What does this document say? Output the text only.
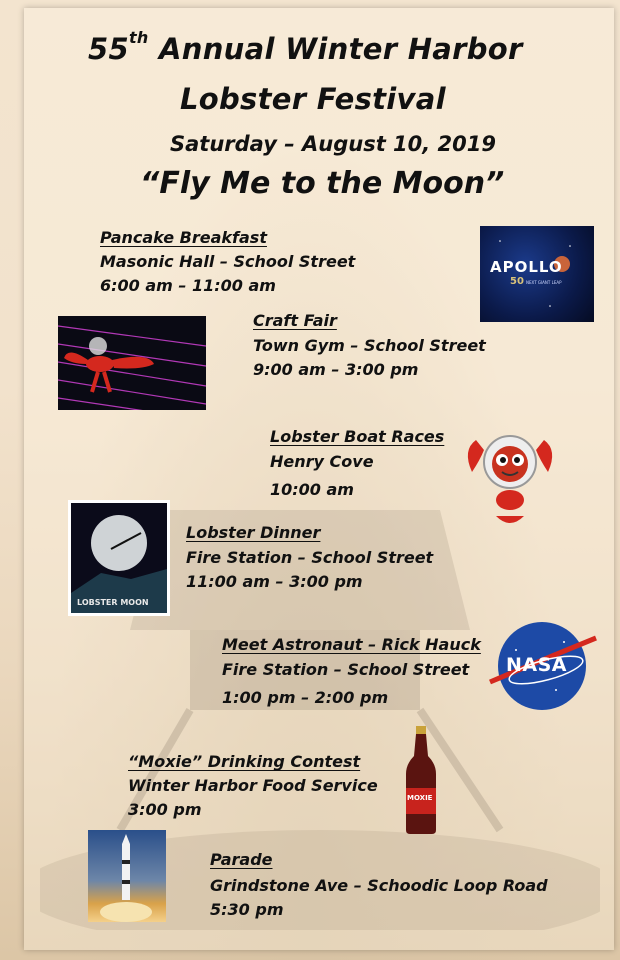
55th Annual Winter Harbor
Lobster Festival
Saturday – August 10, 2019
“Fly Me to the Moon”
Pancake Breakfast
Masonic Hall – School Street
6:00 am – 11:00 am
APOLLO
50 NEXT GIANT LEAP
Craft Fair
Town Gym – School Street
9:00 am – 3:00 pm
Lobster Boat Races
Henry Cove
10:00 am
LOBSTER MOON
Lobster Dinner
Fire Station – School Street
11:00 am – 3:00 pm
Meet Astronaut – Rick Hauck
Fire Station – School Street
1:00 pm – 2:00 pm
NASA
“Moxie” Drinking Contest
Winter Harbor Food Service
3:00 pm
MOXIE
Parade
Grindstone Ave – Schoodic Loop Road
5:30 pm
